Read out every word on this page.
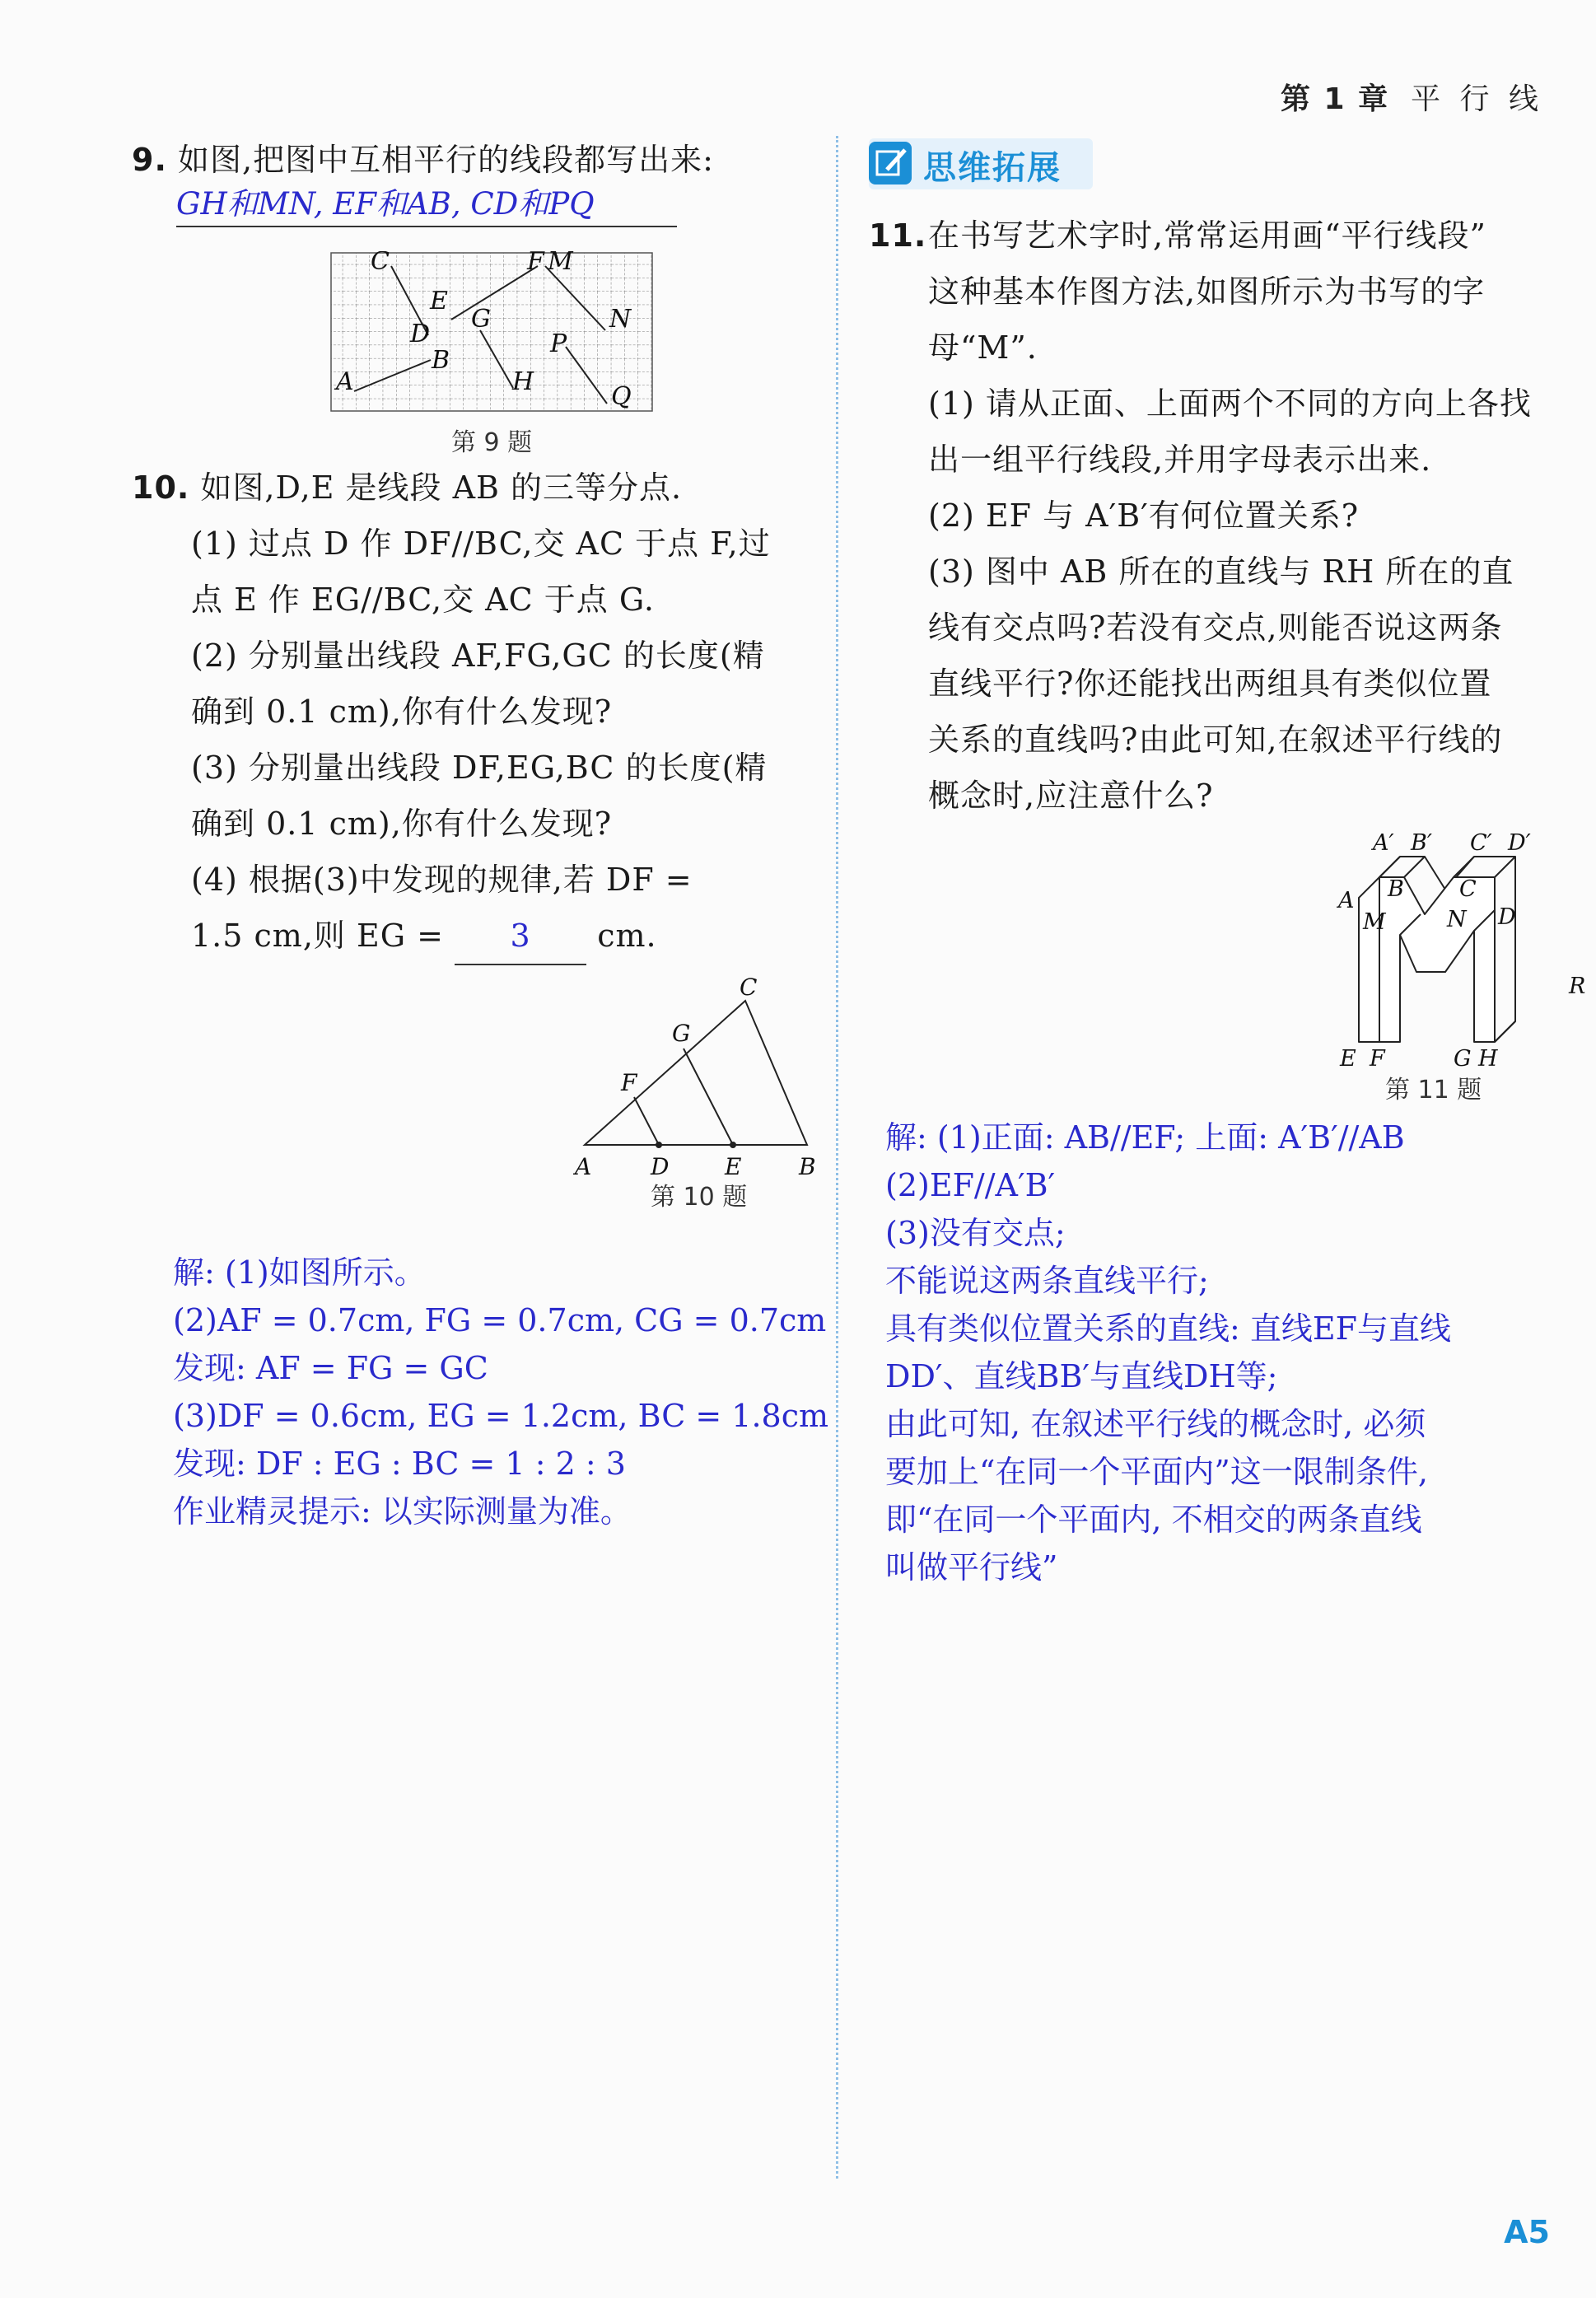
第 1 章 平 行 线
9. 如图,把图中互相平行的线段都写出来:
GH和MN, EF和AB, CD和PQ
C	F M
E
G	N
D	P
B
A	H
Q
第 9 题
10. 如图,D,E 是线段 AB 的三等分点.
(1) 过点 D 作 DF//BC,交 AC 于点 F,过
点 E 作 EG//BC,交 AC 于点 G.
(2) 分别量出线段 AF,FG,GC 的长度(精
确到 0.1 cm),你有什么发现?
(3) 分别量出线段 DF,EG,BC 的长度(精
确到 0.1 cm),你有什么发现?
(4) 根据(3)中发现的规律,若 DF =
1.5 cm,则 EG = 3 cm.
A	D E B
C
G
F
第 10 题
解: (1)如图所示。
(2)AF = 0.7cm, FG = 0.7cm, CG = 0.7cm
发现: AF = FG = GC
(3)DF = 0.6cm, EG = 1.2cm, BC = 1.8cm
发现: DF : EG : BC = 1 : 2 : 3
作业精灵提示: 以实际测量为准。
思维拓展
11.在书写艺术字时,常常运用画“平行线段”
这种基本作图方法,如图所示为书写的字
母“M”.
(1) 请从正面、上面两个不同的方向上各找
出一组平行线段,并用字母表示出来.
(2) EF 与 A′B′有何位置关系?
(3) 图中 AB 所在的直线与 RH 所在的直
线有交点吗?若没有交点,则能否说这两条
直线平行?你还能找出两组具有类似位置
关系的直线吗?由此可知,在叙述平行线的
概念时,应注意什么?
A′ B′ C′ D′
A B C
M	N D
R
E F	G H
第 11 题
解: (1)正面: AB//EF; 上面: A′B′//AB
(2)EF//A′B′
(3)没有交点;
不能说这两条直线平行;
具有类似位置关系的直线: 直线EF与直线
DD′、直线BB′与直线DH等;
由此可知, 在叙述平行线的概念时, 必须
要加上“在同一个平面内”这一限制条件,
即“在同一个平面内, 不相交的两条直线
叫做平行线”
A5
